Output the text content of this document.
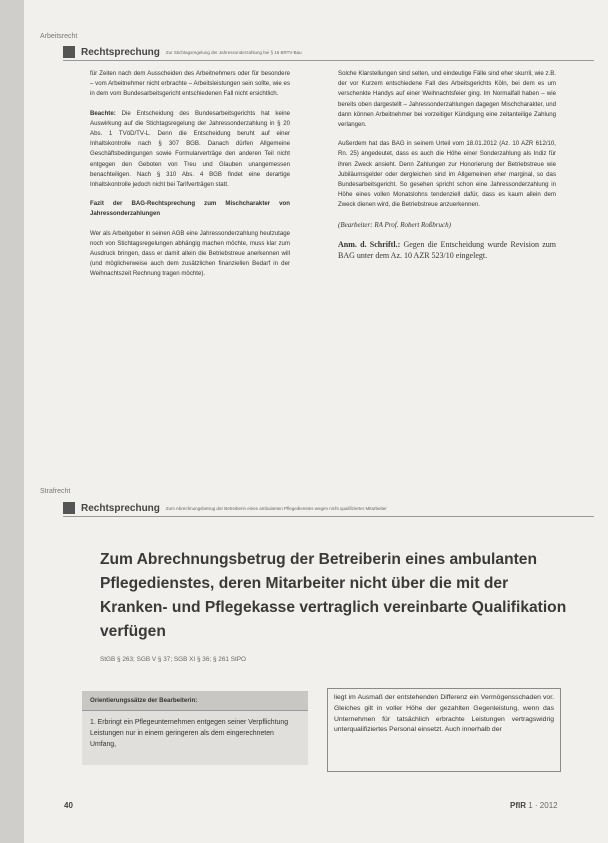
Arbeitsrecht
Rechtsprechung Zur Stichtagsregelung der Jahressonderzahlung bei § 16 BRTV-Bau

für Zeiten nach dem Ausscheiden des Arbeitnehmers oder für besondere – vom Arbeitnehmer nicht erbrachte – Arbeitsleistungen sein sollte, wie es in dem vom Bundesarbeitsgericht entschiedenen Fall nicht ersichtlich.

Beachte: Die Entscheidung des Bundesarbeitsgerichts hat keine Auswirkung auf die Stichtagsregelung der Jahressonderzahlung in § 20 Abs. 1 TVöD/TV-L. Denn die Entscheidung beruht auf einer Inhaltskontrolle nach § 307 BGB. Danach dürfen Allgemeine Geschäftsbedingungen sowie Formularverträge den anderen Teil nicht entgegen den Geboten von Treu und Glauben unangemessen benachteiligen. Nach § 310 Abs. 4 BGB findet eine derartige Inhaltskontrolle jedoch nicht bei Tarifverträgen statt.

Fazit der BAG-Rechtsprechung zum Mischcharakter von Jahressonderzahlungen

Wer als Arbeitgeber in seinen AGB eine Jahressonderzahlung heutzutage noch von Stichtagsregelungen abhängig machen möchte, muss klar zum Ausdruck bringen, dass er damit allein die Betriebstreue anerkennen will (und möglicherweise auch dem zusätzlichen finanziellen Bedarf in der Weihnachtszeit Rechnung tragen möchte).

Solche Klarstellungen sind selten, und eindeutige Fälle sind eher skurril, wie z.B. der vor Kurzem entschiedene Fall des Arbeitsgerichts Köln, bei dem es um verschenkte Handys auf einer Weihnachtsfeier ging. Im Normalfall haben – wie bereits oben dargestellt – Jahressonderzahlungen dagegen Mischcharakter, und dann können Arbeitnehmer bei vorzeitiger Kündigung eine zeitanteilige Zahlung verlangen.

Außerdem hat das BAG in seinem Urteil vom 18.01.2012 (Az. 10 AZR 612/10, Rn. 25) angedeutet, dass es auch die Höhe einer Sonderzahlung als Indiz für ihren Zweck ansieht. Denn Zahlungen zur Honorierung der Betriebstreue wie Jubiläumsgelder oder dergleichen sind im Allgemeinen eher marginal, so das Bundesarbeitsgericht. So gesehen spricht schon eine Jahressonderzahlung in Höhe eines vollen Monatslohns tendenziell dafür, dass es kaum allein dem Zweck dienen wird, die Betriebstreue anzuerkennen.

(Bearbeiter: RA Prof. Robert Roßbruch)

Anm. d. Schriftl.: Gegen die Entscheidung wurde Revision zum BAG unter dem Az. 10 AZR 523/10 eingelegt.

Strafrecht
Rechtsprechung Zum Abrechnungsbetrug der Betreiberin eines ambulanten Pflegedienstes wegen nicht qualifizierter Mitarbeiter
Zum Abrechnungsbetrug der Betreiberin eines ambulanten Pflegedienstes, deren Mitarbeiter nicht über die mit der Kranken- und Pflegekasse vertraglich vereinbarte Qualifikation verfügen
StGB § 263; SGB V § 37; SGB XI § 36; § 261 StPO
Orientierungssätze der Bearbeiterin:
1. Erbringt ein Pflegeunternehmen entgegen seiner Verpflichtung Leistungen nur in einem geringeren als dem eingerechneten Umfang,
liegt im Ausmaß der entstehenden Differenz ein Vermögensschaden vor. Gleiches gilt in voller Höhe der gezahlten Gegenleistung, wenn das Unternehmen für tatsächlich erbrachte Leistungen vertragswidrig unterqualifiziertes Personal einsetzt. Auch innerhalb der
40	PflR 1 · 2012
